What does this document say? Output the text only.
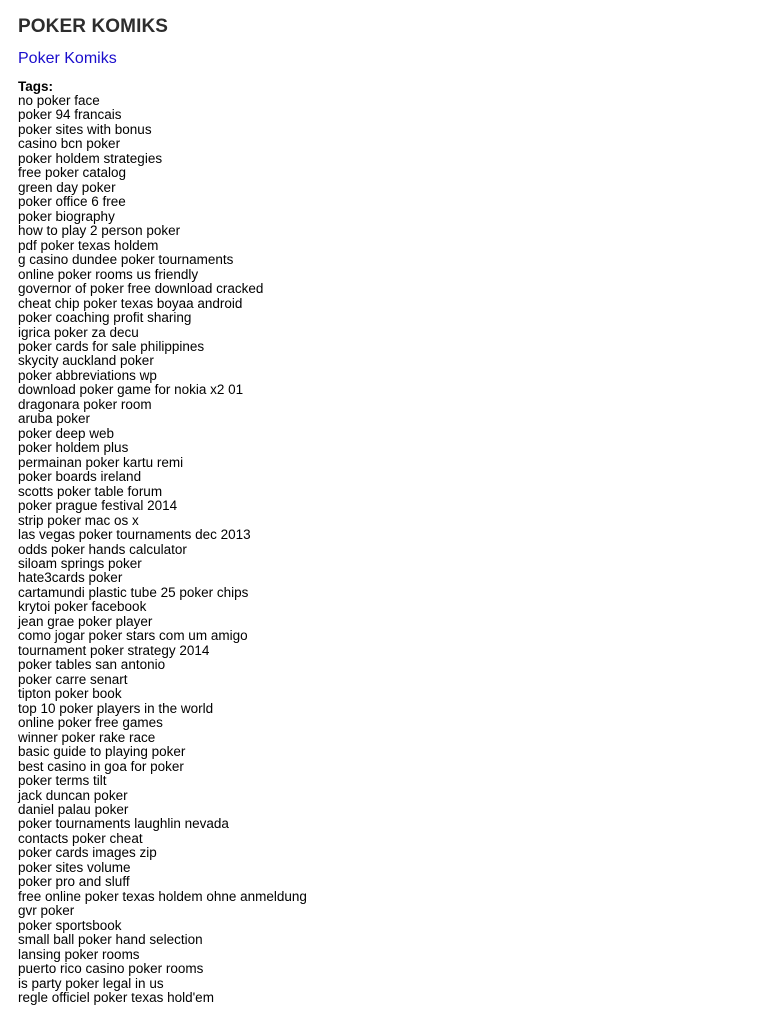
POKER KOMIKS
Poker Komiks
Tags:
no poker face
poker 94 francais
poker sites with bonus
casino bcn poker
poker holdem strategies
free poker catalog
green day poker
poker office 6 free
poker biography
how to play 2 person poker
pdf poker texas holdem
g casino dundee poker tournaments
online poker rooms us friendly
governor of poker free download cracked
cheat chip poker texas boyaa android
poker coaching profit sharing
igrica poker za decu
poker cards for sale philippines
skycity auckland poker
poker abbreviations wp
download poker game for nokia x2 01
dragonara poker room
aruba poker
poker deep web
poker holdem plus
permainan poker kartu remi
poker boards ireland
scotts poker table forum
poker prague festival 2014
strip poker mac os x
las vegas poker tournaments dec 2013
odds poker hands calculator
siloam springs poker
hate3cards poker
cartamundi plastic tube 25 poker chips
krytoi poker facebook
jean grae poker player
como jogar poker stars com um amigo
tournament poker strategy 2014
poker tables san antonio
poker carre senart
tipton poker book
top 10 poker players in the world
online poker free games
winner poker rake race
basic guide to playing poker
best casino in goa for poker
poker terms tilt
jack duncan poker
daniel palau poker
poker tournaments laughlin nevada
contacts poker cheat
poker cards images zip
poker sites volume
poker pro and sluff
free online poker texas holdem ohne anmeldung
gvr poker
poker sportsbook
small ball poker hand selection
lansing poker rooms
puerto rico casino poker rooms
is party poker legal in us
regle officiel poker texas hold'em
